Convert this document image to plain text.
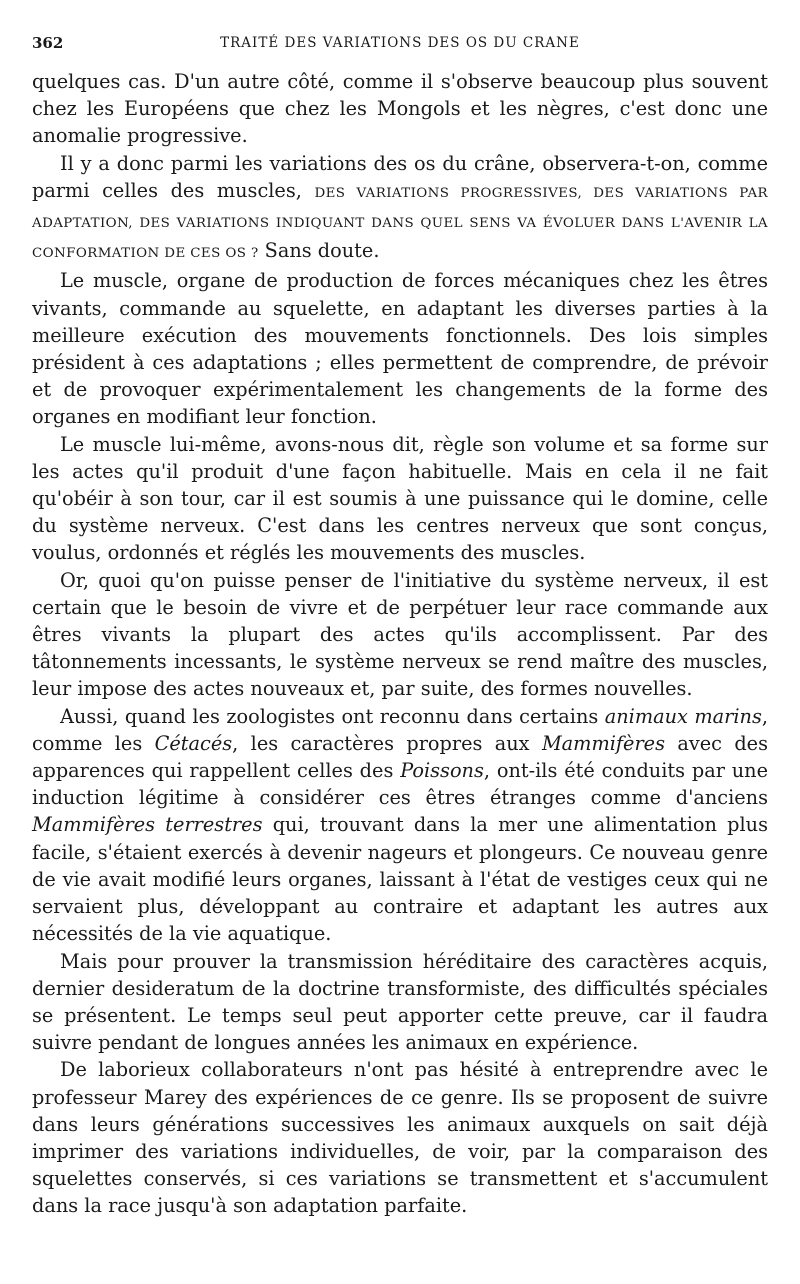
362	TRAITÉ DES VARIATIONS DES OS DU CRANE

quelques cas. D'un autre côté, comme il s'observe beaucoup plus souvent chez les Européens que chez les Mongols et les nègres, c'est donc une anomalie progressive.

Il y a donc parmi les variations des os du crâne, observera-t-on, comme parmi celles des muscles, DES VARIATIONS PROGRESSIVES, DES VARIATIONS PAR ADAPTATION, DES VARIATIONS INDIQUANT DANS QUEL SENS VA ÉVOLUER DANS L'AVENIR LA CONFORMATION DE CES OS ? Sans doute.

Le muscle, organe de production de forces mécaniques chez les êtres vivants, commande au squelette, en adaptant les diverses parties à la meilleure exécution des mouvements fonctionnels. Des lois simples président à ces adaptations ; elles permettent de comprendre, de prévoir et de provoquer expérimentalement les changements de la forme des organes en modifiant leur fonction.

Le muscle lui-même, avons-nous dit, règle son volume et sa forme sur les actes qu'il produit d'une façon habituelle. Mais en cela il ne fait qu'obéir à son tour, car il est soumis à une puissance qui le domine, celle du système nerveux. C'est dans les centres nerveux que sont conçus, voulus, ordonnés et réglés les mouvements des muscles.

Or, quoi qu'on puisse penser de l'initiative du système nerveux, il est certain que le besoin de vivre et de perpétuer leur race commande aux êtres vivants la plupart des actes qu'ils accomplissent. Par des tâtonnements incessants, le système nerveux se rend maître des muscles, leur impose des actes nouveaux et, par suite, des formes nouvelles.

Aussi, quand les zoologistes ont reconnu dans certains animaux marins, comme les Cétacés, les caractères propres aux Mammifères avec des apparences qui rappellent celles des Poissons, ont-ils été conduits par une induction légitime à considérer ces êtres étranges comme d'anciens Mammifères terrestres qui, trouvant dans la mer une alimentation plus facile, s'étaient exercés à devenir nageurs et plongeurs. Ce nouveau genre de vie avait modifié leurs organes, laissant à l'état de vestiges ceux qui ne servaient plus, développant au contraire et adaptant les autres aux nécessités de la vie aquatique.

Mais pour prouver la transmission héréditaire des caractères acquis, dernier desideratum de la doctrine transformiste, des difficultés spéciales se présentent. Le temps seul peut apporter cette preuve, car il faudra suivre pendant de longues années les animaux en expérience.

De laborieux collaborateurs n'ont pas hésité à entreprendre avec le professeur Marey des expériences de ce genre. Ils se proposent de suivre dans leurs générations successives les animaux auxquels on sait déjà imprimer des variations individuelles, de voir, par la comparaison des squelettes conservés, si ces variations se transmettent et s'accumulent dans la race jusqu'à son adaptation parfaite.
